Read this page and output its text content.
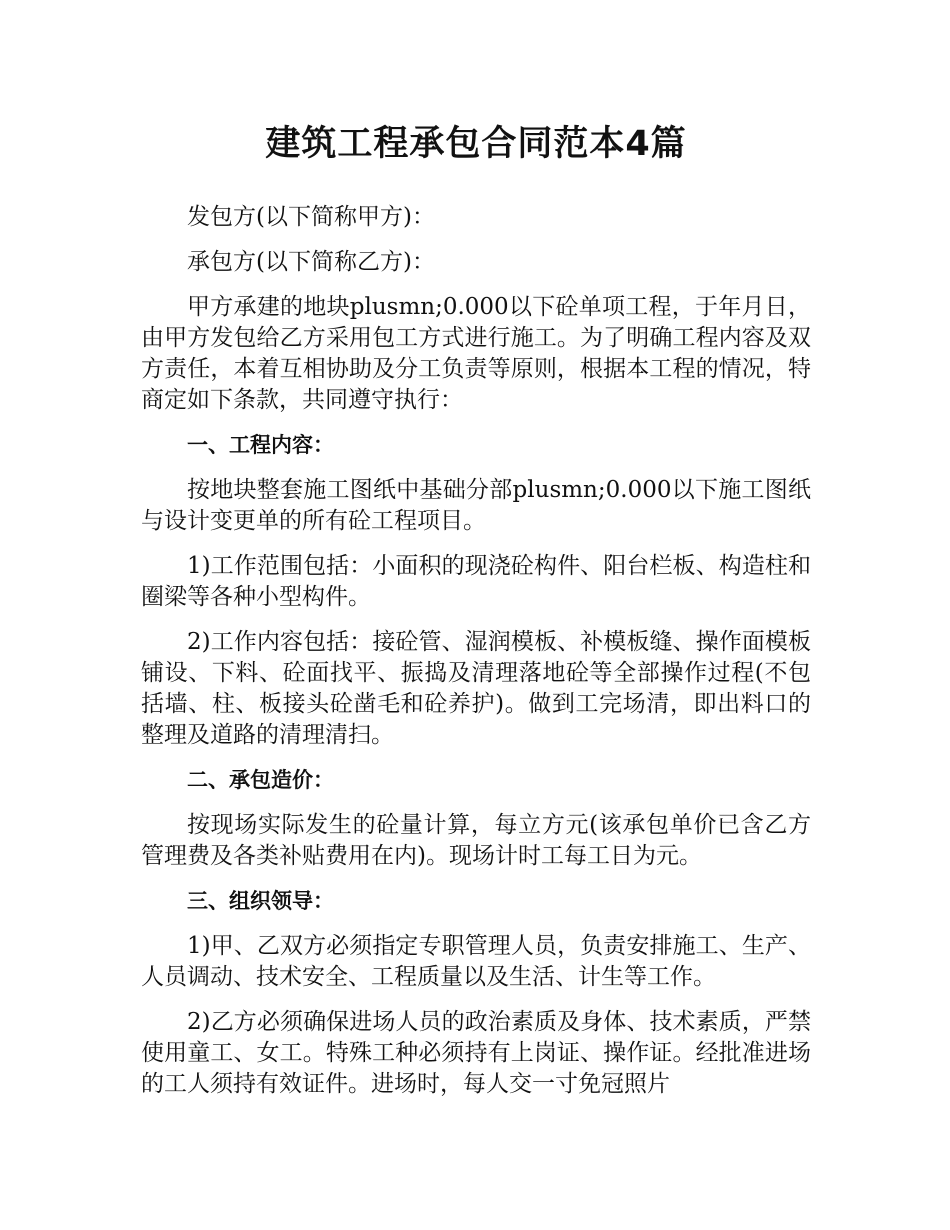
建筑工程承包合同范本4篇

发包方(以下简称甲方)：

承包方(以下简称乙方)：

甲方承建的地块plusmn;0.000以下砼单项工程，于年月日，由甲方发包给乙方采用包工方式进行施工。为了明确工程内容及双方责任，本着互相协助及分工负责等原则，根据本工程的情况，特商定如下条款，共同遵守执行：

一、工程内容：

按地块整套施工图纸中基础分部plusmn;0.000以下施工图纸与设计变更单的所有砼工程项目。

1)工作范围包括：小面积的现浇砼构件、阳台栏板、构造柱和圈梁等各种小型构件。

2)工作内容包括：接砼管、湿润模板、补模板缝、操作面模板铺设、下料、砼面找平、振捣及清理落地砼等全部操作过程(不包括墙、柱、板接头砼凿毛和砼养护)。做到工完场清，即出料口的整理及道路的清理清扫。

二、承包造价：

按现场实际发生的砼量计算，每立方元(该承包单价已含乙方管理费及各类补贴费用在内)。现场计时工每工日为元。

三、组织领导：

1)甲、乙双方必须指定专职管理人员，负责安排施工、生产、人员调动、技术安全、工程质量以及生活、计生等工作。

2)乙方必须确保进场人员的政治素质及身体、技术素质，严禁使用童工、女工。特殊工种必须持有上岗证、操作证。经批准进场的工人须持有效证件。进场时，每人交一寸免冠照片
